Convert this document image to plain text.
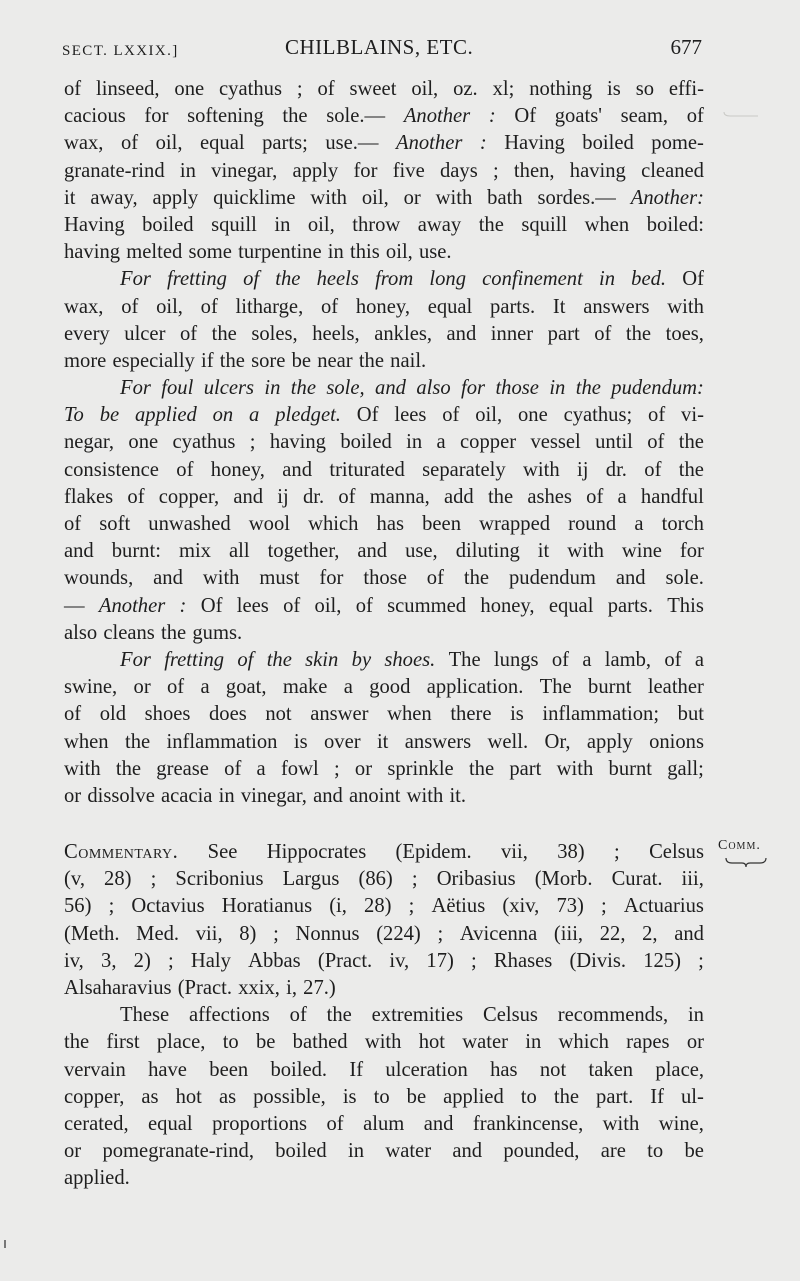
SECT. LXXIX.]	CHILBLAINS, ETC.	677
of linseed, one cyathus ; of sweet oil, oz. xl; nothing is so effi-
cacious for softening the sole.— Another : Of goats' seam, of
wax, of oil, equal parts; use.— Another : Having boiled pome-
granate-rind in vinegar, apply for five days ; then, having cleaned
it away, apply quicklime with oil, or with bath sordes.— Another:
Having boiled squill in oil, throw away the squill when boiled:
having melted some turpentine in this oil, use.
For fretting of the heels from long confinement in bed. Of
wax, of oil, of litharge, of honey, equal parts. It answers with
every ulcer of the soles, heels, ankles, and inner part of the toes,
more especially if the sore be near the nail.
For foul ulcers in the sole, and also for those in the pudendum:
To be applied on a pledget. Of lees of oil, one cyathus; of vi-
negar, one cyathus ; having boiled in a copper vessel until of the
consistence of honey, and triturated separately with ij dr. of the
flakes of copper, and ij dr. of manna, add the ashes of a handful
of soft unwashed wool which has been wrapped round a torch
and burnt: mix all together, and use, diluting it with wine for
wounds, and with must for those of the pudendum and sole.
— Another : Of lees of oil, of scummed honey, equal parts. This
also cleans the gums.
For fretting of the skin by shoes. The lungs of a lamb, of a
swine, or of a goat, make a good application. The burnt leather
of old shoes does not answer when there is inflammation; but
when the inflammation is over it answers well. Or, apply onions
with the grease of a fowl ; or sprinkle the part with burnt gall;
or dissolve acacia in vinegar, and anoint with it.
Commentary. See Hippocrates (Epidem. vii, 38) ; Celsus
(v, 28) ; Scribonius Largus (86) ; Oribasius (Morb. Curat. iii,
56) ; Octavius Horatianus (i, 28) ; Aëtius (xiv, 73) ; Actuarius
(Meth. Med. vii, 8) ; Nonnus (224) ; Avicenna (iii, 22, 2, and
iv, 3, 2) ; Haly Abbas (Pract. iv, 17) ; Rhases (Divis. 125) ;
Alsaharavius (Pract. xxix, i, 27.)
These affections of the extremities Celsus recommends, in
the first place, to be bathed with hot water in which rapes or
vervain have been boiled. If ulceration has not taken place,
copper, as hot as possible, is to be applied to the part. If ul-
cerated, equal proportions of alum and frankincense, with wine,
or pomegranate-rind, boiled in water and pounded, are to be
applied.
Comm.
